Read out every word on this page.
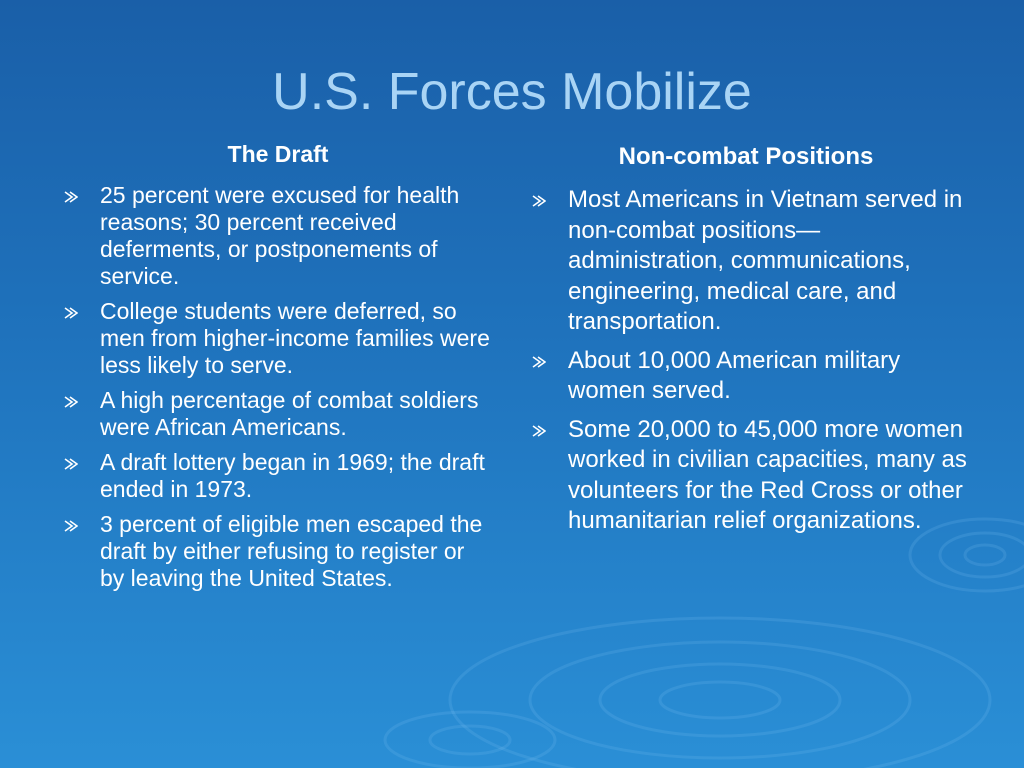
U.S. Forces Mobilize
The Draft
25 percent were excused for health reasons; 30 percent received deferments, or postponements of service.
College students were deferred, so men from higher-income families were less likely to serve.
A high percentage of combat soldiers were African Americans.
A draft lottery began in 1969; the draft ended in 1973.
3 percent of eligible men escaped the draft by either refusing to register or by leaving the United States.
Non-combat Positions
Most Americans in Vietnam served in non-combat positions—administration, communications, engineering, medical care, and transportation.
About 10,000 American military women served.
Some 20,000 to 45,000 more women worked in civilian capacities, many as volunteers for the Red Cross or other humanitarian relief organizations.
